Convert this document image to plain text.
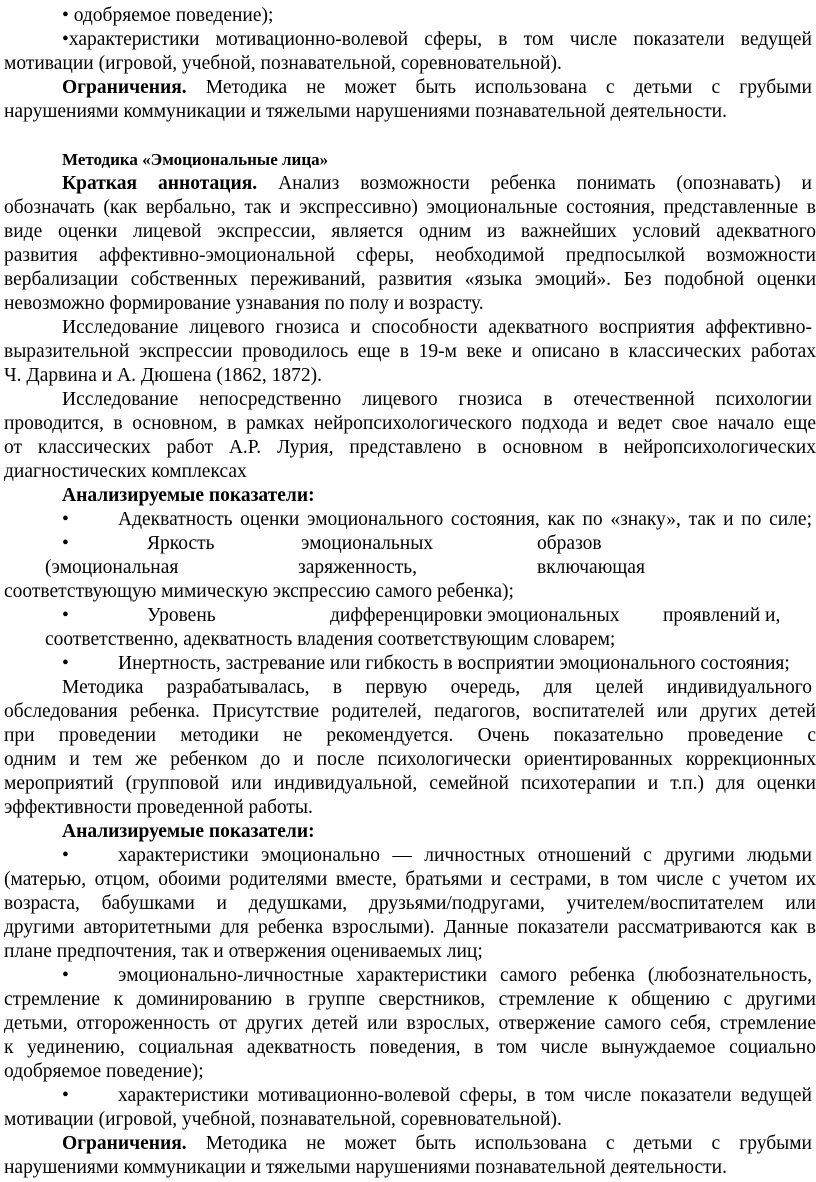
• одобряемое поведение);
•характеристики мотивационно-волевой сферы, в том числе показатели ведущей
мотивации (игровой, учебной, познавательной, соревновательной).
Ограничения. Методика не может быть использована с детьми с грубыми
нарушениями коммуникации и тяжелыми нарушениями познавательной деятельности.
Методика «Эмоциональные лица»
Краткая аннотация. Анализ возможности ребенка понимать (опознавать) и
обозначать (как вербально, так и экспрессивно) эмоциональные состояния, представленные в
виде оценки лицевой экспрессии, является одним из важнейших условий адекватного
развития аффективно-эмоциональной сферы, необходимой предпосылкой возможности
вербализации собственных переживаний, развития «языка эмоций». Без подобной оценки
невозможно формирование узнавания по полу и возрасту.
Исследование лицевого гнозиса и способности адекватного восприятия аффективно-
выразительной экспрессии проводилось еще в 19-м веке и описано в классических работах
Ч. Дарвина и А. Дюшена (1862, 1872).
Исследование непосредственно лицевого гнозиса в отечественной психологии
проводится, в основном, в рамках нейропсихологического подхода и ведет свое начало еще
от классических работ А.Р. Лурия, представлено в основном в нейропсихологических
диагностических комплексах
Анализируемые показатели:
•	Адекватность оценки эмоционального состояния, как по «знаку», так и по силе;
•	Яркость	эмоциональных	образов
(эмоциональная	заряженность,	включающая
соответствующую мимическую экспрессию самого ребенка);
•	Уровень	дифференцировки эмоциональных проявлений и,
соответственно, адекватность владения соответствующим словарем;
•	Инертность, застревание или гибкость в восприятии эмоционального состояния;
Методика разрабатывалась, в первую очередь, для целей индивидуального
обследования ребенка. Присутствие родителей, педагогов, воспитателей или других детей
при проведении методики не рекомендуется. Очень показательно проведение с
одним и тем же ребенком до и после психологически ориентированных коррекционных
мероприятий (групповой или индивидуальной, семейной психотерапии и т.п.) для оценки
эффективности проведенной работы.
Анализируемые показатели:
•	характеристики эмоционально — личностных отношений с другими людьми
(матерью, отцом, обоими родителями вместе, братьями и сестрами, в том числе с учетом их
возраста, бабушками и дедушками, друзьями/подругами, учителем/воспитателем или
другими авторитетными для ребенка взрослыми). Данные показатели рассматриваются как в
плане предпочтения, так и отвержения оцениваемых лиц;
•	эмоционально-личностные характеристики самого ребенка (любознательность,
стремление к доминированию в группе сверстников, стремление к общению с другими
детьми, отгороженность от других детей или взрослых, отвержение самого себя, стремление
к уединению, социальная адекватность поведения, в том числе вынуждаемое социально
одобряемое поведение);
•	характеристики мотивационно-волевой сферы, в том числе показатели ведущей
мотивации (игровой, учебной, познавательной, соревновательной).
Ограничения. Методика не может быть использована с детьми с грубыми
нарушениями коммуникации и тяжелыми нарушениями познавательной деятельности.
